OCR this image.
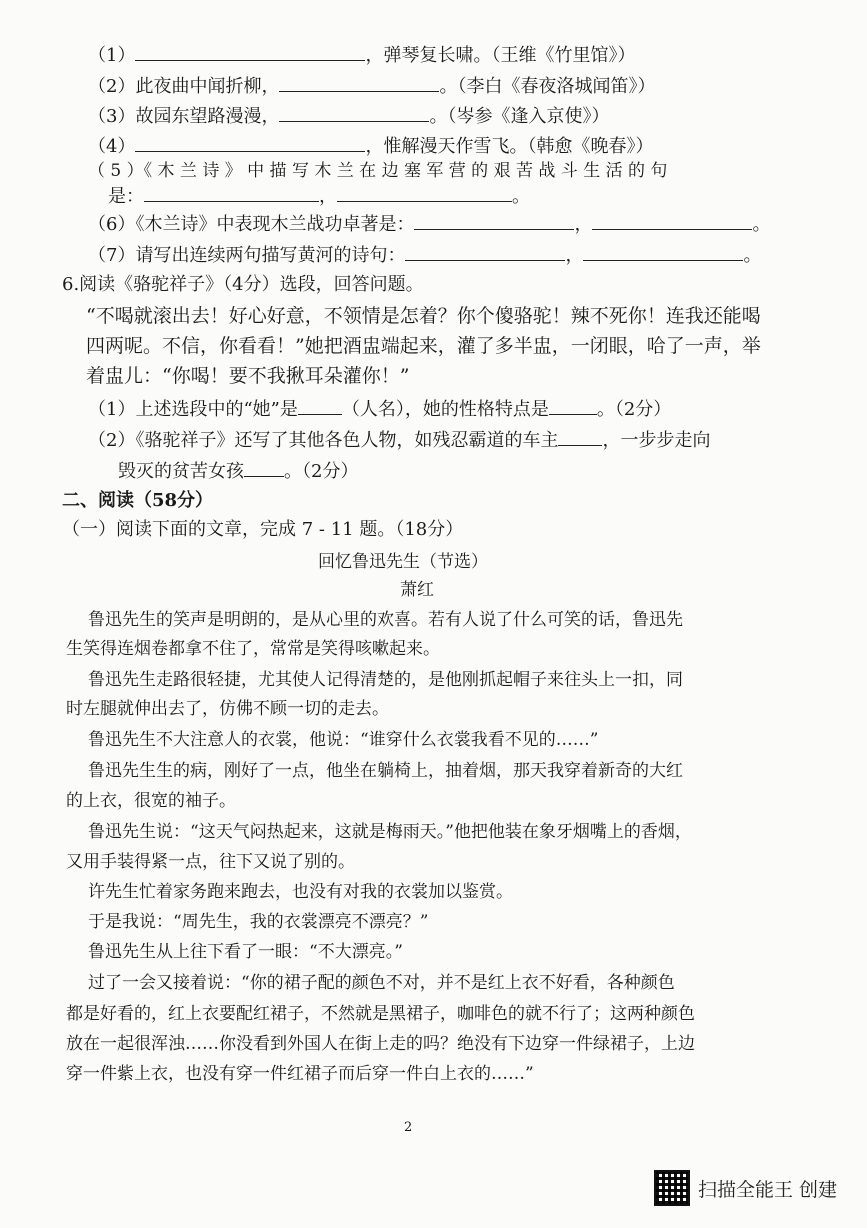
（1）	，弹琴复长啸。（王维《竹里馆》）
（2）此夜曲中闻折柳，	。（李白《春夜洛城闻笛》）
（3）故园东望路漫漫，	。（岑参《逢入京使》）
（4）	，惟解漫天作雪飞。（韩愈《晚春》）
（ 5 ）《 木 兰 诗 》 中 描 写 木 兰 在 边 塞 军 营 的 艰 苦 战 斗 生 活 的 句
是：	，	。
（6）《木兰诗》中表现木兰战功卓著是：	，	。
（7）请写出连续两句描写黄河的诗句：	，	。
6.阅读《骆驼祥子》（4分）选段，回答问题。
“不喝就滚出去！好心好意，不领情是怎着？你个傻骆驼！辣不死你！连我还能喝
四两呢。不信，你看看！”她把酒盅端起来，灌了多半盅，一闭眼，哈了一声，举
着盅儿：“你喝！要不我揪耳朵灌你！”
（1）上述选段中的“她”是 （人名），她的性格特点是	。（2分）
（2）《骆驼祥子》还写了其他各色人物，如残忍霸道的车主 ，一步步走向
毁灭的贫苦女孩 。（2分）
二、阅读（58分）
（一）阅读下面的文章，完成 7 - 11 题。（18分）
回忆鲁迅先生（节选）
萧红
鲁迅先生的笑声是明朗的，是从心里的欢喜。若有人说了什么可笑的话，鲁迅先
生笑得连烟卷都拿不住了，常常是笑得咳嗽起来。
鲁迅先生走路很轻捷，尤其使人记得清楚的，是他刚抓起帽子来往头上一扣，同
时左腿就伸出去了，仿佛不顾一切的走去。
鲁迅先生不大注意人的衣裳，他说：“谁穿什么衣裳我看不见的……”
鲁迅先生生的病，刚好了一点，他坐在躺椅上，抽着烟，那天我穿着新奇的大红
的上衣，很宽的袖子。
鲁迅先生说：“这天气闷热起来，这就是梅雨天。”他把他装在象牙烟嘴上的香烟，
又用手装得紧一点，往下又说了别的。
许先生忙着家务跑来跑去，也没有对我的衣裳加以鉴赏。
于是我说：“周先生，我的衣裳漂亮不漂亮？”
鲁迅先生从上往下看了一眼：“不大漂亮。”
过了一会又接着说：“你的裙子配的颜色不对，并不是红上衣不好看，各种颜色
都是好看的，红上衣要配红裙子，不然就是黑裙子，咖啡色的就不行了；这两种颜色
放在一起很浑浊……你没看到外国人在街上走的吗？绝没有下边穿一件绿裙子，上边
穿一件紫上衣，也没有穿一件红裙子而后穿一件白上衣的……”
2
扫描全能王 创建
